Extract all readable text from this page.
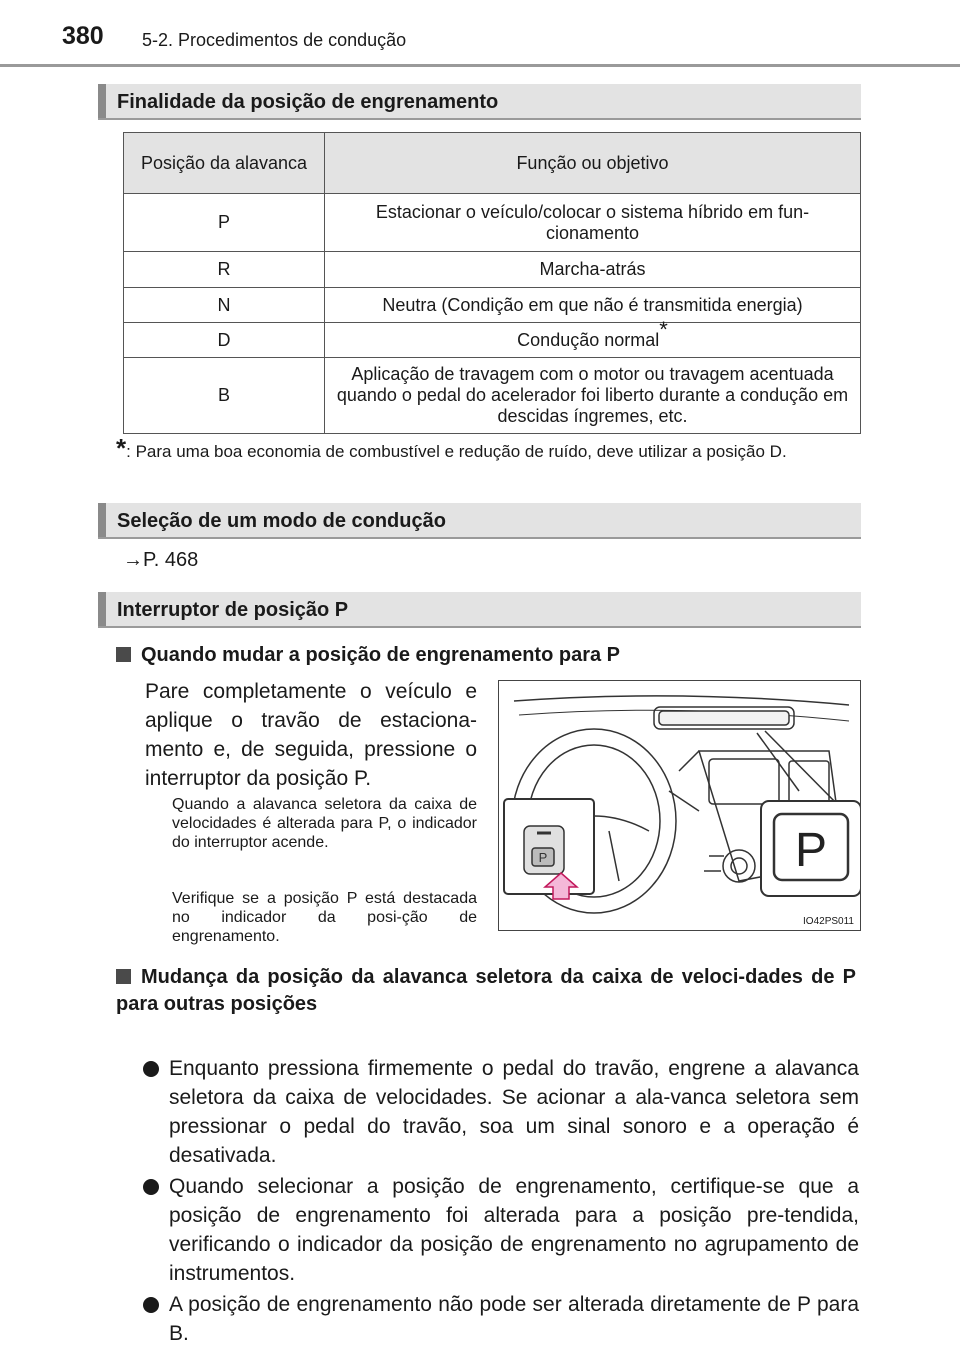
380 5-2. Procedimentos de condução
Finalidade da posição de engrenamento
Posição da alavanca	Função ou objetivo
P	Estacionar o veículo/colocar o sistema híbrido em fun-cionamento
R	Marcha-atrás
N	Neutra (Condição em que não é transmitida energia)
D	Condução normal*
B	Aplicação de travagem com o motor ou travagem acentuada quando o pedal do acelerador foi liberto durante a condução em descidas íngremes, etc.
*: Para uma boa economia de combustível e redução de ruído, deve utilizar a posição D.
Seleção de um modo de condução
→P. 468
Interruptor de posição P
Quando mudar a posição de engrenamento para P
Pare completamente o veículo e aplique o travão de estaciona-mento e, de seguida, pressione o interruptor da posição P.
Quando a alavanca seletora da caixa de velocidades é alterada para P, o indicador do interruptor acende.
Verifique se a posição P está destacada no indicador da posi-ção de engrenamento.
P
P
IO42PS011
Mudança da posição da alavanca seletora da caixa de veloci-dades de P para outras posições
Enquanto pressiona firmemente o pedal do travão, engrene a alavanca seletora da caixa de velocidades. Se acionar a ala-vanca seletora sem pressionar o pedal do travão, soa um sinal sonoro e a operação é desativada.
Quando selecionar a posição de engrenamento, certifique-se que a posição de engrenamento foi alterada para a posição pre-tendida, verificando o indicador da posição de engrenamento no agrupamento de instrumentos.
A posição de engrenamento não pode ser alterada diretamente de P para B.
